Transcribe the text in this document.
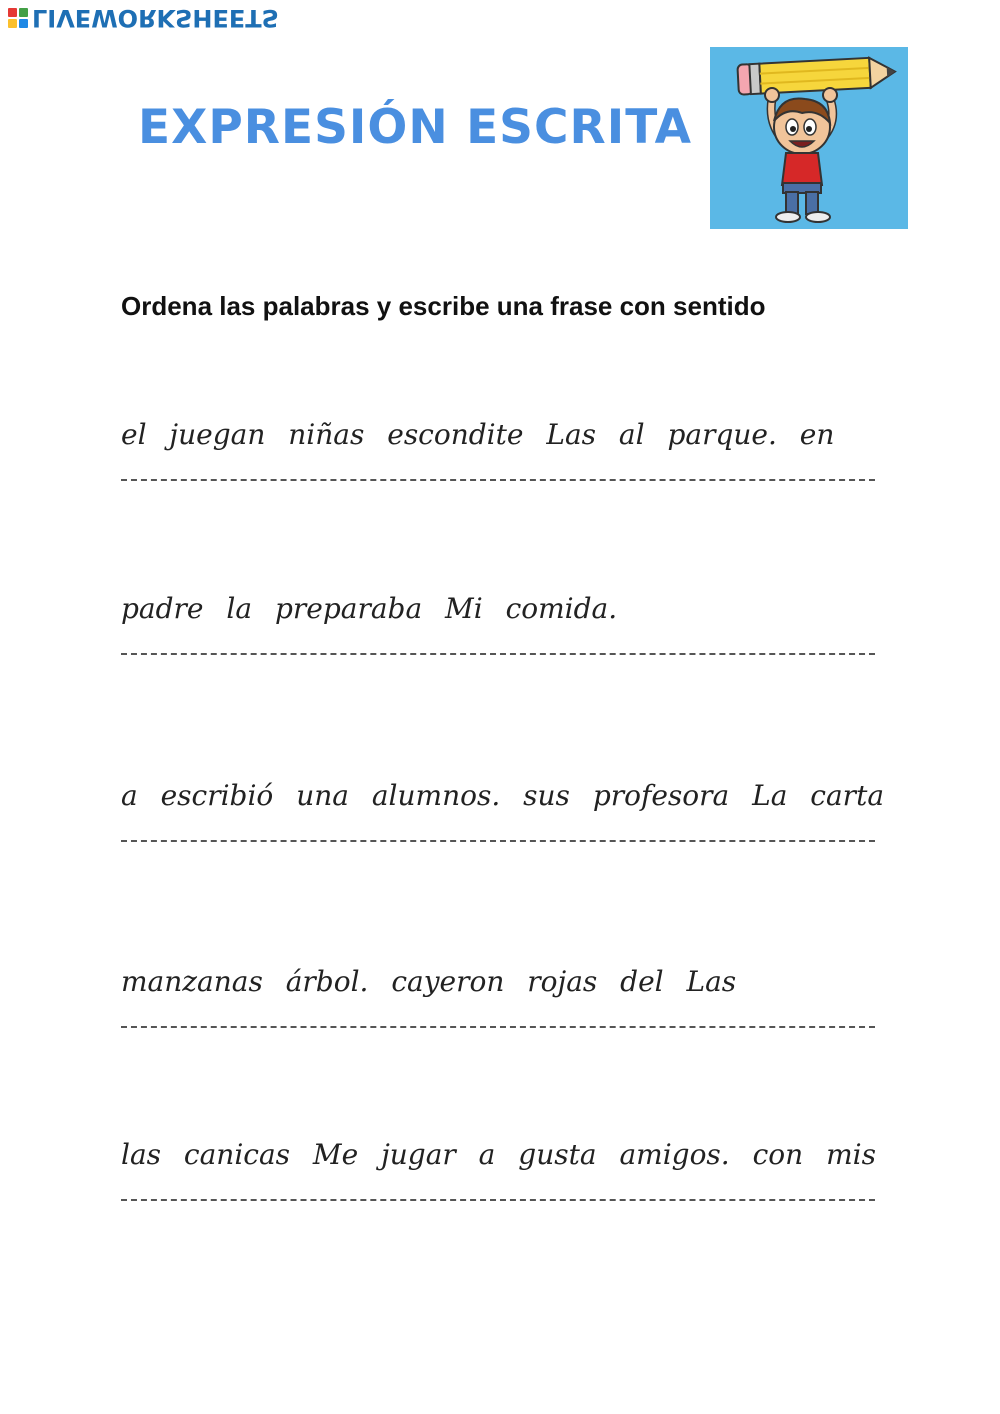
LIVEWORKSHEETS
EXPRESIÓN ESCRITA
Ordena las palabras y escribe una frase con sentido
el juegan niñas escondite Las al parque. en
padre la preparaba Mi comida.
a escribió una alumnos. sus profesora La carta
manzanas árbol. cayeron rojas del Las
las canicas Me jugar a gusta amigos. con mis
